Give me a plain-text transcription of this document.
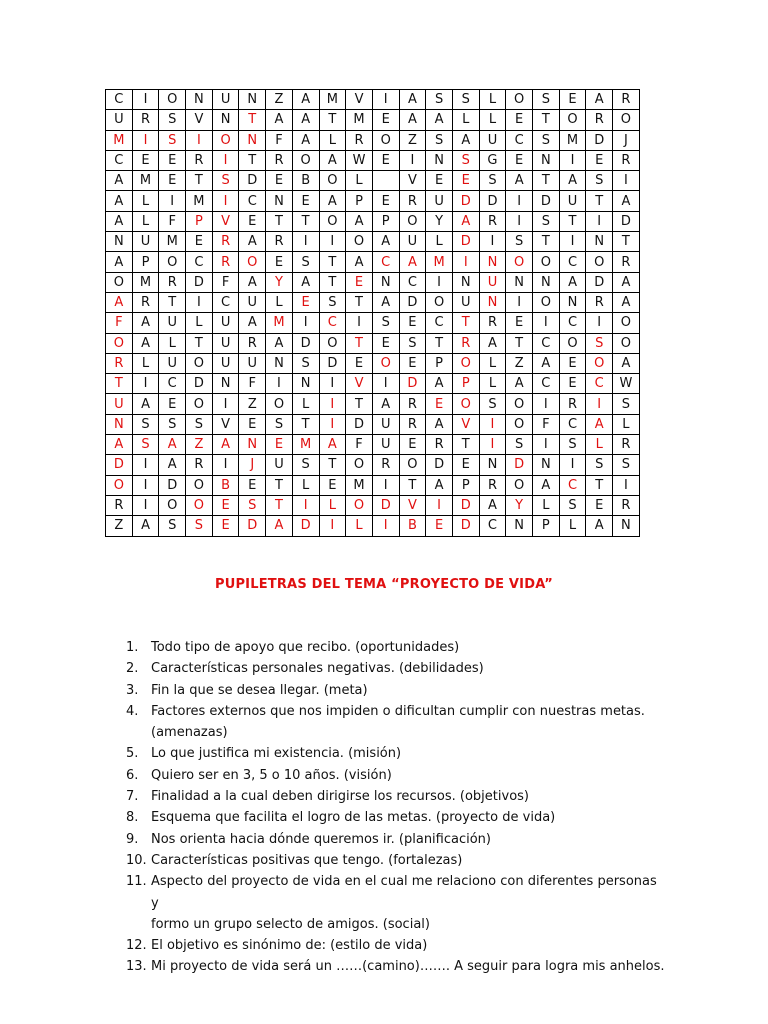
C	I	O	N	U	N	Z	A	M	V	I	A	S	S	L	O	S	E	A	R
U	R	S	V	N	T	A	A	T	M	E	A	A	L	L	E	T	O	R	O
M	I	S	I	O	N	F	A	L	R	O	Z	S	A	U	C	S	M	D	J
C	E	E	R	I	T	R	O	A	W	E	I	N	S	G	E	N	I	E	R
A	M	E	T	S	D	E	B	O	L		V	E	E	S	A	T	A	S	I
A	L	I	M	I	C	N	E	A	P	E	R	U	D	D	I	D	U	T	A
A	L	F	P	V	E	T	T	O	A	P	O	Y	A	R	I	S	T	I	D
N	U	M	E	R	A	R	I	I	O	A	U	L	D	I	S	T	I	N	T
A	P	O	C	R	O	E	S	T	A	C	A	M	I	N	O	O	C	O	R
O	M	R	D	F	A	Y	A	T	E	N	C	I	N	U	N	N	A	D	A
A	R	T	I	C	U	L	E	S	T	A	D	O	U	N	I	O	N	R	A
F	A	U	L	U	A	M	I	C	I	S	E	C	T	R	E	I	C	I	O
O	A	L	T	U	R	A	D	O	T	E	S	T	R	A	T	C	O	S	O
R	L	U	O	U	U	N	S	D	E	O	E	P	O	L	Z	A	E	O	A
T	I	C	D	N	F	I	N	I	V	I	D	A	P	L	A	C	E	C	W
U	A	E	O	I	Z	O	L	I	T	A	R	E	O	S	O	I	R	I	S
N	S	S	S	V	E	S	T	I	D	U	R	A	V	I	O	F	C	A	L
A	S	A	Z	A	N	E	M	A	F	U	E	R	T	I	S	I	S	L	R
D	I	A	R	I	J	U	S	T	O	R	O	D	E	N	D	N	I	S	S
O	I	D	O	B	E	T	L	E	M	I	T	A	P	R	O	A	C	T	I
R	I	O	O	E	S	T	I	L	O	D	V	I	D	A	Y	L	S	E	R
Z	A	S	S	E	D	A	D	I	L	I	B	E	D	C	N	P	L	A	N
PUPILETRAS DEL TEMA “PROYECTO DE VIDA”
1. Todo tipo de apoyo que recibo. (oportunidades)
2. Características personales negativas. (debilidades)
3. Fin la que se desea llegar. (meta)
4. Factores externos que nos impiden o dificultan cumplir con nuestras metas.
(amenazas)
5. Lo que justifica mi existencia. (misión)
6. Quiero ser en 3, 5 o 10 años. (visión)
7. Finalidad a la cual deben dirigirse los recursos. (objetivos)
8. Esquema que facilita el logro de las metas. (proyecto de vida)
9. Nos orienta hacia dónde queremos ir. (planificación)
10. Características positivas que tengo. (fortalezas)
11. Aspecto del proyecto de vida en el cual me relaciono con diferentes personas y
formo un grupo selecto de amigos. (social)
12. El objetivo es sinónimo de: (estilo de vida)
13. Mi proyecto de vida será un ……(camino)……. A seguir para logra mis anhelos.
